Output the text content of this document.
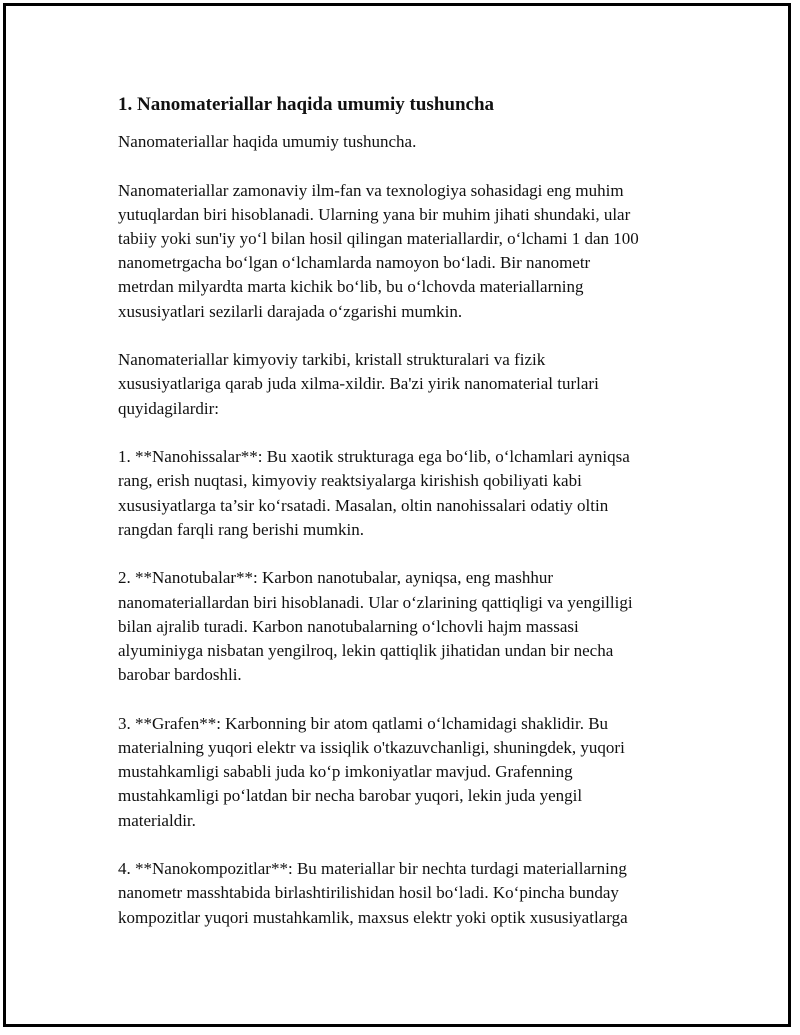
1. Nanomateriallar haqida umumiy tushuncha
Nanomateriallar haqida umumiy tushuncha.
Nanomateriallar zamonaviy ilm-fan va texnologiya sohasidagi eng muhim
yutuqlardan biri hisoblanadi. Ularning yana bir muhim jihati shundaki, ular
tabiiy yoki sun'iy yo‘l bilan hosil qilingan materiallardir, o‘lchami 1 dan 100
nanometrgacha bo‘lgan o‘lchamlarda namoyon bo‘ladi. Bir nanometr
metrdan milyardta marta kichik bo‘lib, bu o‘lchovda materiallarning
xususiyatlari sezilarli darajada o‘zgarishi mumkin.
Nanomateriallar kimyoviy tarkibi, kristall strukturalari va fizik
xususiyatlariga qarab juda xilma-xildir. Ba'zi yirik nanomaterial turlari
quyidagilardir:
1. **Nanohissalar**: Bu xaotik strukturaga ega bo‘lib, o‘lchamlari ayniqsa
rang, erish nuqtasi, kimyoviy reaktsiyalarga kirishish qobiliyati kabi
xususiyatlarga ta’sir ko‘rsatadi. Masalan, oltin nanohissalari odatiy oltin
rangdan farqli rang berishi mumkin.
2. **Nanotubalar**: Karbon nanotubalar, ayniqsa, eng mashhur
nanomateriallardan biri hisoblanadi. Ular o‘zlarining qattiqligi va yengilligi
bilan ajralib turadi. Karbon nanotubalarning o‘lchovli hajm massasi
alyuminiyga nisbatan yengilroq, lekin qattiqlik jihatidan undan bir necha
barobar bardoshli.
3. **Grafen**: Karbonning bir atom qatlami o‘lchamidagi shaklidir. Bu
materialning yuqori elektr va issiqlik o'tkazuvchanligi, shuningdek, yuqori
mustahkamligi sababli juda ko‘p imkoniyatlar mavjud. Grafenning
mustahkamligi po‘latdan bir necha barobar yuqori, lekin juda yengil
materialdir.
4. **Nanokompozitlar**: Bu materiallar bir nechta turdagi materiallarning
nanometr masshtabida birlashtirilishidan hosil bo‘ladi. Ko‘pincha bunday
kompozitlar yuqori mustahkamlik, maxsus elektr yoki optik xususiyatlarga
